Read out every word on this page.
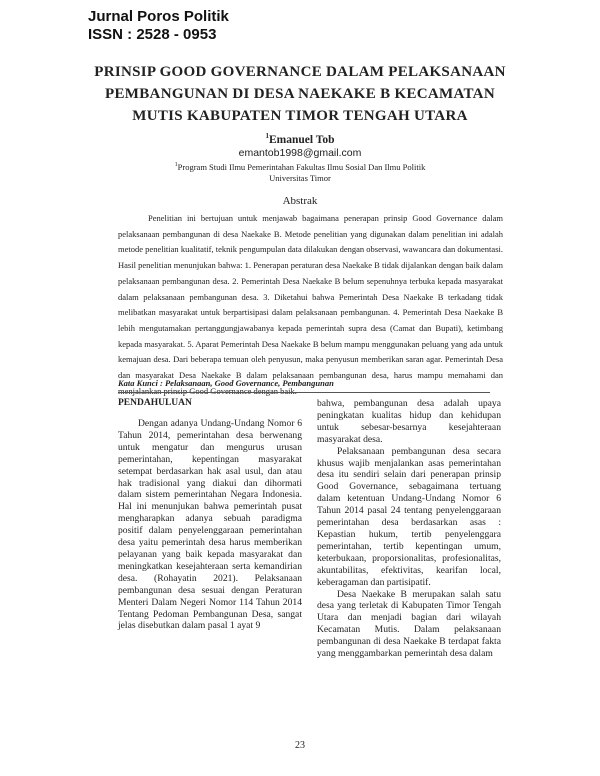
Jurnal Poros Politik
ISSN : 2528 - 0953
PRINSIP GOOD GOVERNANCE DALAM PELAKSANAAN
PEMBANGUNAN DI DESA NAEKAKE B KECAMATAN
MUTIS KABUPATEN TIMOR TENGAH UTARA
$^1$Emanuel Tob
emantob1998@gmail.com
$^1$Program Studi Ilmu Pemerintahan Fakultas Ilmu Sosial Dan Ilmu Politik
Universitas Timor
Abstrak

Penelitian ini bertujuan untuk menjawab bagaimana penerapan prinsip Good Governance dalam pelaksanaan pembangunan di desa Naekake B. Metode penelitian yang digunakan dalam penelitian ini adalah metode penelitian kualitatif, teknik pengumpulan data dilakukan dengan observasi, wawancara dan dokumentasi. Hasil penelitian menunjukan bahwa: 1. Penerapan peraturan desa Naekake B tidak dijalankan dengan baik dalam pelaksanaan pembangunan desa. 2. Pemerintah Desa Naekake B belum sepenuhnya terbuka kepada masyarakat dalam pelaksanaan pembangunan desa. 3. Diketahui bahwa Pemerintah Desa Naekake B terkadang tidak melibatkan masyarakat untuk berpartisipasi dalam pelaksanaan pembangunan. 4. Pemerintah Desa Naekake B lebih mengutamakan pertanggungjawabanya kepada pemerintah supra desa (Camat dan Bupati), ketimbang kepada masyarakat. 5. Aparat Pemerintah Desa Naekake B belum mampu menggunakan peluang yang ada untuk kemajuan desa. Dari beberapa temuan oleh penyusun, maka penyusun memberikan saran agar. Pemerintah Desa dan masyarakat Desa Naekake B dalam pelaksanaan pembangunan desa, harus mampu memahami dan menjalankan prinsip Good Governance dengan baik.

Kata Kunci : Pelaksanaan, Good Governance, Pembangunan
PENDAHULUAN

Dengan adanya Undang-Undang Nomor 6 Tahun 2014, pemerintahan desa berwenang untuk mengatur dan mengurus urusan pemerintahan, kepentingan masyarakat setempat berdasarkan hak asal usul, dan atau hak tradisional yang diakui dan dihormati dalam sistem pemerintahan Negara Indonesia. Hal ini menunjukan bahwa pemerintah pusat mengharapkan adanya sebuah paradigma positif dalam penyelenggaraan pemerintahan desa yaitu pemerintah desa harus memberikan pelayanan yang baik kepada masyarakat dan meningkatkan kesejahteraan serta kemandirian desa. (Rohayatin 2021). Pelaksanaan pembangunan desa sesuai dengan Peraturan Menteri Dalam Negeri Nomor 114 Tahun 2014 Tentang Pedoman Pembangunan Desa, sangat jelas disebutkan dalam pasal 1 ayat 9

bahwa, pembangunan desa adalah upaya peningkatan kualitas hidup dan kehidupan untuk sebesar-besarnya kesejahteraan masyarakat desa.

Pelaksanaan pembangunan desa secara khusus wajib menjalankan asas pemerintahan desa itu sendiri selain dari penerapan prinsip Good Governance, sebagaimana tertuang dalam ketentuan Undang-Undang Nomor 6 Tahun 2014 pasal 24 tentang penyelenggaraan pemerintahan desa berdasarkan asas : Kepastian hukum, tertib penyelenggara pemerintahan, tertib kepentingan umum, keterbukaan, proporsionalitas, profesionalitas, akuntabilitas, efektivitas, kearifan local, keberagaman dan partisipatif.

Desa Naekake B merupakan salah satu desa yang terletak di Kabupaten Timor Tengah Utara dan menjadi bagian dari wilayah Kecamatan Mutis. Dalam pelaksanaan pembangunan di desa Naekake B terdapat fakta yang menggambarkan pemerintah desa dalam

23
